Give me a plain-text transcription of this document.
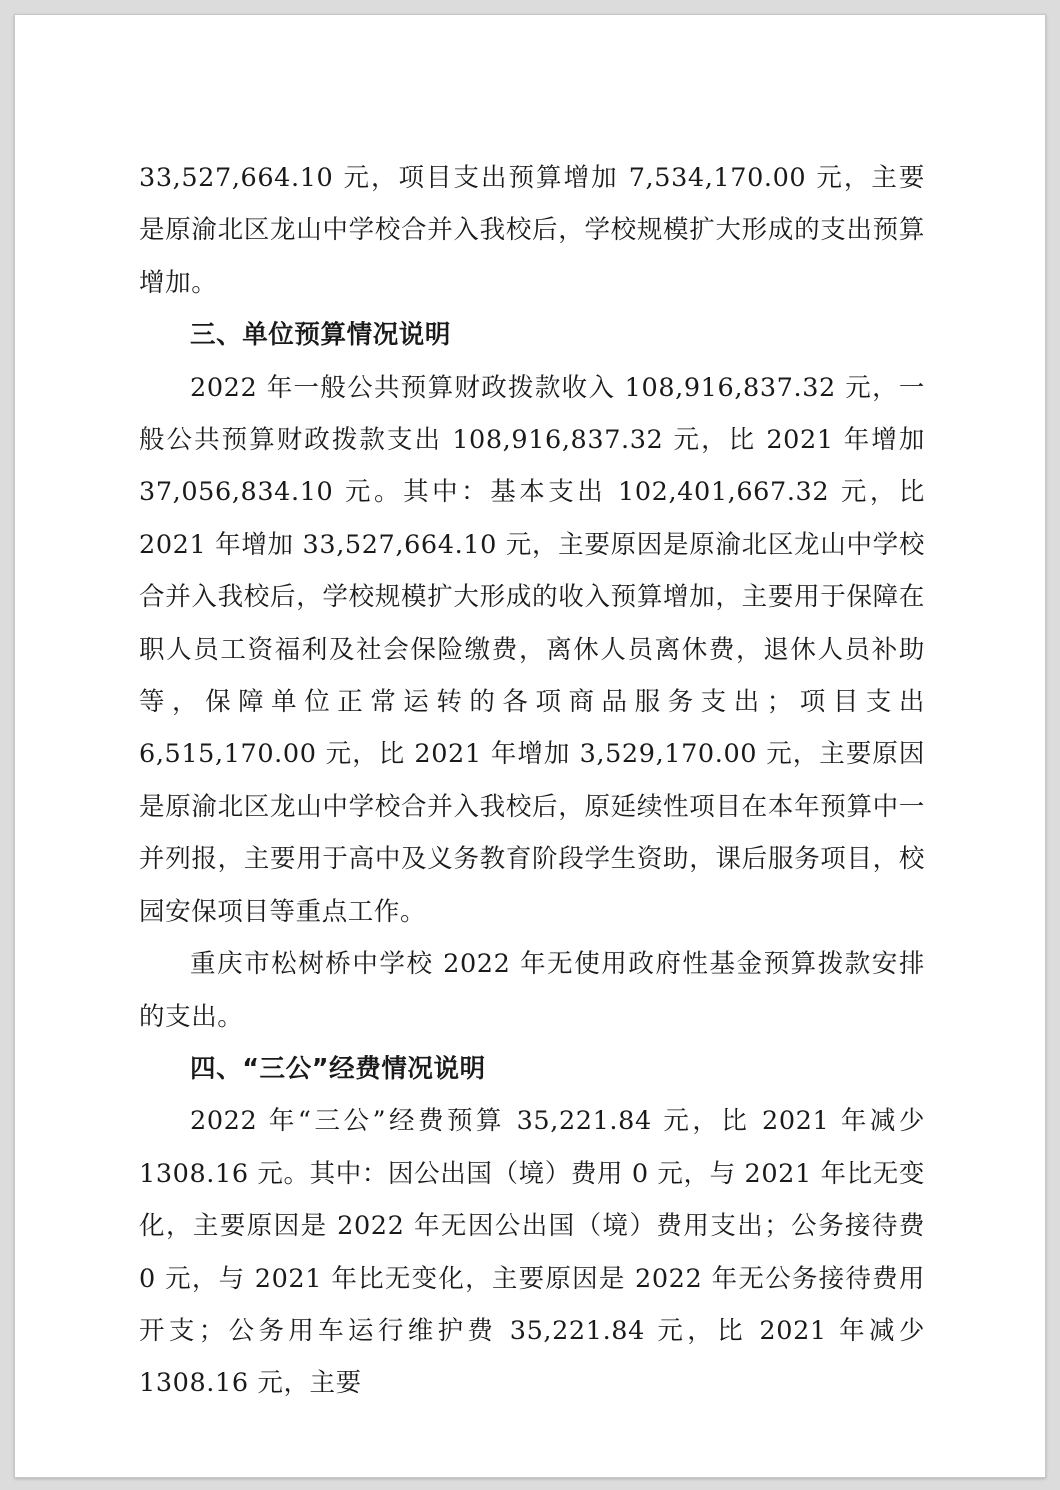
33,527,664.10 元，项目支出预算增加 7,534,170.00 元，主要是原渝北区龙山中学校合并入我校后，学校规模扩大形成的支出预算增加。

三、单位预算情况说明

2022 年一般公共预算财政拨款收入 108,916,837.32 元，一般公共预算财政拨款支出 108,916,837.32 元，比 2021 年增加 37,056,834.10 元。其中：基本支出 102,401,667.32 元，比 2021 年增加 33,527,664.10 元，主要原因是原渝北区龙山中学校合并入我校后，学校规模扩大形成的收入预算增加，主要用于保障在职人员工资福利及社会保险缴费，离休人员离休费，退休人员补助等，保障单位正常运转的各项商品服务支出；项目支出 6,515,170.00 元，比 2021 年增加 3,529,170.00 元，主要原因是原渝北区龙山中学校合并入我校后，原延续性项目在本年预算中一并列报，主要用于高中及义务教育阶段学生资助，课后服务项目，校园安保项目等重点工作。

重庆市松树桥中学校 2022 年无使用政府性基金预算拨款安排的支出。

四、“三公”经费情况说明

2022 年“三公”经费预算 35,221.84 元，比 2021 年减少 1308.16 元。其中：因公出国（境）费用 0 元，与 2021 年比无变化，主要原因是 2022 年无因公出国（境）费用支出；公务接待费 0 元，与 2021 年比无变化，主要原因是 2022 年无公务接待费用开支；公务用车运行维护费 35,221.84 元，比 2021 年减少 1308.16 元，主要
